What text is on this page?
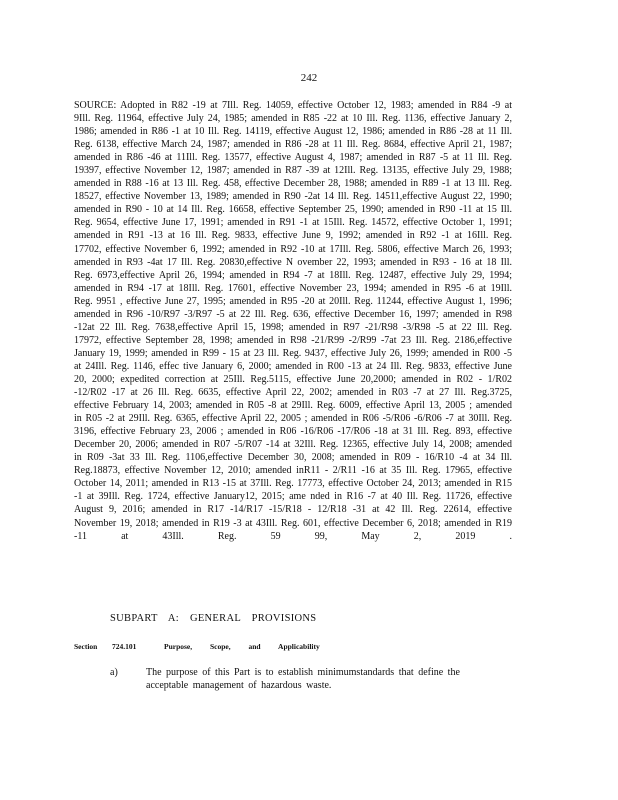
242

SOURCE: Adopted in R82 -19 at 7Ill. Reg. 14059, effective October 12, 1983; amended in R84 -9 at 9Ill. Reg. 11964, effective July 24, 1985; amended in R85 -22 at 10 Ill. Reg. 1136, effective January 2, 1986; amended in R86 -1 at 10 Ill. Reg. 14119, effective August 12, 1986; amended in R86 -28 at 11 Ill. Reg. 6138, effective March 24, 1987; amended in R86 -28 at 11 Ill. Reg. 8684, effective April 21, 1987; amended in R86 -46 at 11Ill. Reg. 13577, effective August 4, 1987; amended in R87 -5 at 11 Ill. Reg. 19397, effective November 12, 1987; amended in R87 -39 at 12Ill. Reg. 13135, effective July 29, 1988; amended in R88 -16 at 13 Ill. Reg. 458, effective December 28, 1988; amended in R89 -1 at 13 Ill. Reg. 18527, effective November 13, 1989; amended in R90 -2at 14 Ill. Reg. 14511,effective August 22, 1990; amended in R90 - 10 at 14 Ill. Reg. 16658, effective September 25, 1990; amended in R90 -11 at 15 Ill. Reg. 9654, effective June 17, 1991; amended in R91 -1 at 15Ill. Reg. 14572, effective October 1, 1991; amended in R91 -13 at 16 Ill. Reg. 9833, effective June 9, 1992; amended in R92 -1 at 16Ill. Reg. 17702, effective November 6, 1992; amended in R92 -10 at 17Ill. Reg. 5806, effective March 26, 1993; amended in R93 -4at 17 Ill. Reg. 20830,effective N ovember 22, 1993; amended in R93 - 16 at 18 Ill. Reg. 6973,effective April 26, 1994; amended in R94 -7 at 18Ill. Reg. 12487, effective July 29, 1994; amended in R94 -17 at 18Ill. Reg. 17601, effective November 23, 1994; amended in R95 -6 at 19Ill. Reg. 9951 , effective June 27, 1995; amended in R95 -20 at 20Ill. Reg. 11244, effective August 1, 1996; amended in R96 -10/R97 -3/R97 -5 at 22 Ill. Reg. 636, effective December 16, 1997; amended in R98 -12at 22 Ill. Reg. 7638,effective April 15, 1998; amended in R97 -21/R98 -3/R98 -5 at 22 Ill. Reg. 17972, effective September 28, 1998; amended in R98 -21/R99 -2/R99 -7at 23 Ill. Reg. 2186,effective January 19, 1999; amended in R99 - 15 at 23 Ill. Reg. 9437, effective July 26, 1999; amended in R00 -5 at 24Ill. Reg. 1146, effec tive January 6, 2000; amended in R00 -13 at 24 Ill. Reg. 9833, effective June 20, 2000; expedited correction at 25Ill. Reg.5115, effective June 20,2000; amended in R02 - 1/R02 -12/R02 -17 at 26 Ill. Reg. 6635, effective April 22, 2002; amended in R03 -7 at 27 Ill. Reg.3725, effective February 14, 2003; amended in R05 -8 at 29Ill. Reg. 6009, effective April 13, 2005 ; amended in R05 -2 at 29Ill. Reg. 6365, effective April 22, 2005 ; amended in R06 -5/R06 -6/R06 -7 at 30Ill. Reg. 3196, effective February 23, 2006 ; amended in R06 -16/R06 -17/R06 -18 at 31 Ill. Reg. 893, effective December 20, 2006; amended in R07 -5/R07 -14 at 32Ill. Reg. 12365, effective July 14, 2008; amended in R09 -3at 33 Ill. Reg. 1106,effective December 30, 2008; amended in R09 - 16/R10 -4 at 34 Ill. Reg.18873, effective November 12, 2010; amended inR11 - 2/R11 -16 at 35 Ill. Reg. 17965, effective October 14, 2011; amended in R13 -15 at 37Ill. Reg. 17773, effective October 24, 2013; amended in R15 -1 at 39Ill. Reg. 1724, effective January12, 2015; ame nded in R16 -7 at 40 Ill. Reg. 11726, effective August 9, 2016; amended in R17 -14/R17 -15/R18 - 12/R18 -31 at 42 Ill. Reg. 22614, effective November 19, 2018; amended in R19 -3 at 43Ill. Reg. 601, effective December 6, 2018; amended in R19 -11 at 43Ill. Reg. 59 99, May 2, 2019 .

SUBPART A: GENERAL PROVISIONS
Section	724.101	Purpose, Scope, and Applicability
a)	The purpose of this Part is to establish minimumstandards that define the acceptable management of hazardous waste.
